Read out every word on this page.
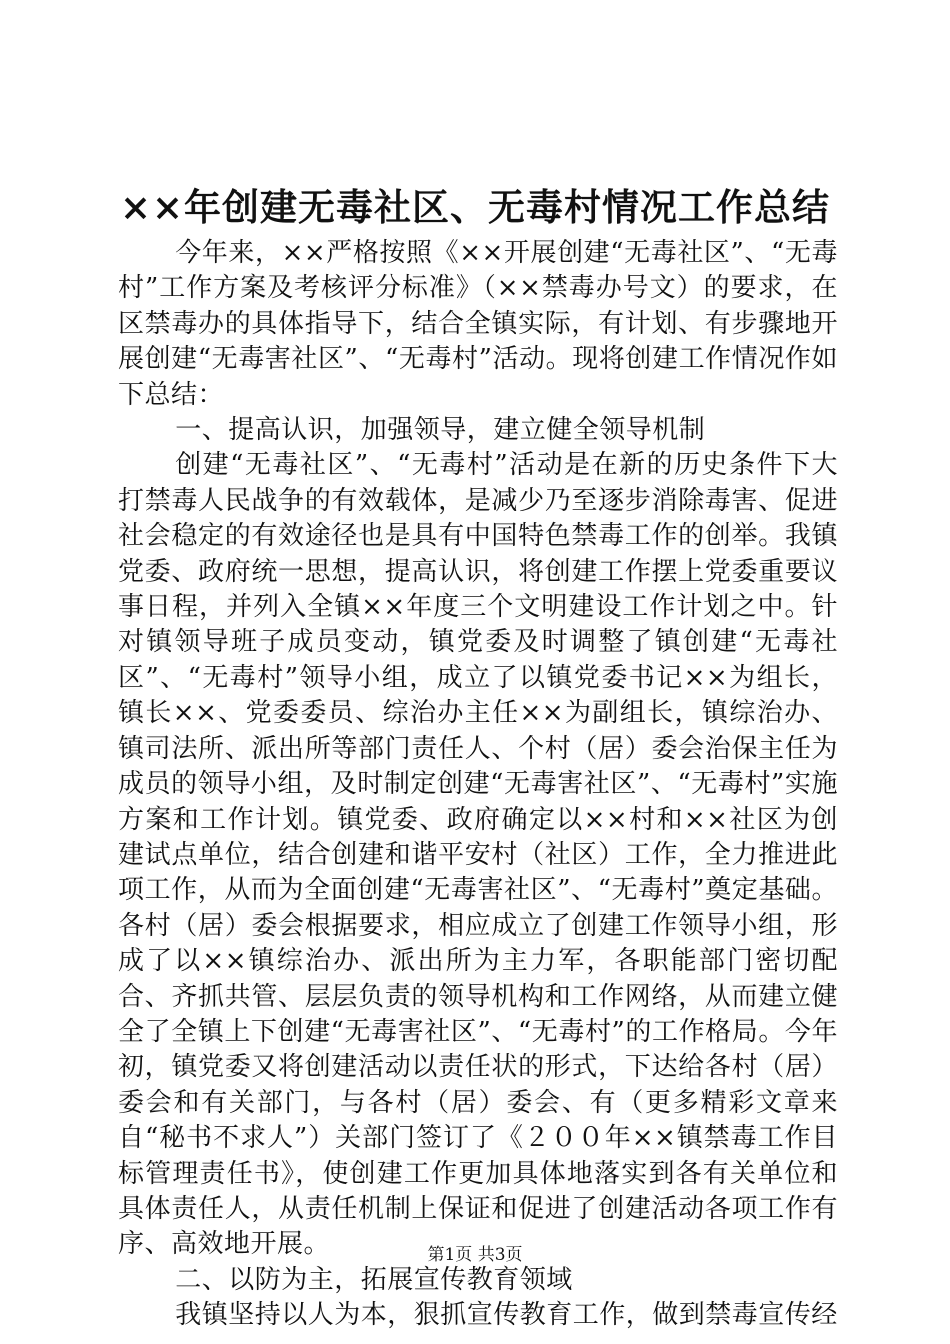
××年创建无毒社区、无毒村情况工作总结

今年来，××严格按照《××开展创建“无毒社区”、“无毒村”工作方案及考核评分标准》（××禁毒办号文）的要求，在区禁毒办的具体指导下，结合全镇实际，有计划、有步骤地开展创建“无毒害社区”、“无毒村”活动。现将创建工作情况作如下总结：

一、提高认识，加强领导，建立健全领导机制

创建“无毒社区”、“无毒村”活动是在新的历史条件下大打禁毒人民战争的有效载体，是减少乃至逐步消除毒害、促进社会稳定的有效途径也是具有中国特色禁毒工作的创举。我镇党委、政府统一思想，提高认识，将创建工作摆上党委重要议事日程，并列入全镇××年度三个文明建设工作计划之中。针对镇领导班子成员变动，镇党委及时调整了镇创建“无毒社区”、“无毒村”领导小组，成立了以镇党委书记××为组长，镇长××、党委委员、综治办主任××为副组长，镇综治办、镇司法所、派出所等部门责任人、个村（居）委会治保主任为成员的领导小组，及时制定创建“无毒害社区”、“无毒村”实施方案和工作计划。镇党委、政府确定以××村和××社区为创建试点单位，结合创建和谐平安村（社区）工作，全力推进此项工作，从而为全面创建“无毒害社区”、“无毒村”奠定基础。各村（居）委会根据要求，相应成立了创建工作领导小组，形成了以××镇综治办、派出所为主力军，各职能部门密切配合、齐抓共管、层层负责的领导机构和工作网络，从而建立健全了全镇上下创建“无毒害社区”、“无毒村”的工作格局。今年初，镇党委又将创建活动以责任状的形式，下达给各村（居）委会和有关部门，与各村（居）委会、有（更多精彩文章来自“秘书不求人”）关部门签订了《２００年××镇禁毒工作目标管理责任书》，使创建工作更加具体地落实到各有关单位和具体责任人，从责任机制上保证和促进了创建活动各项工作有序、高效地开展。

二、以防为主，拓展宣传教育领域

我镇坚持以人为本，狠抓宣传教育工作，做到禁毒宣传经

第1页 共3页
